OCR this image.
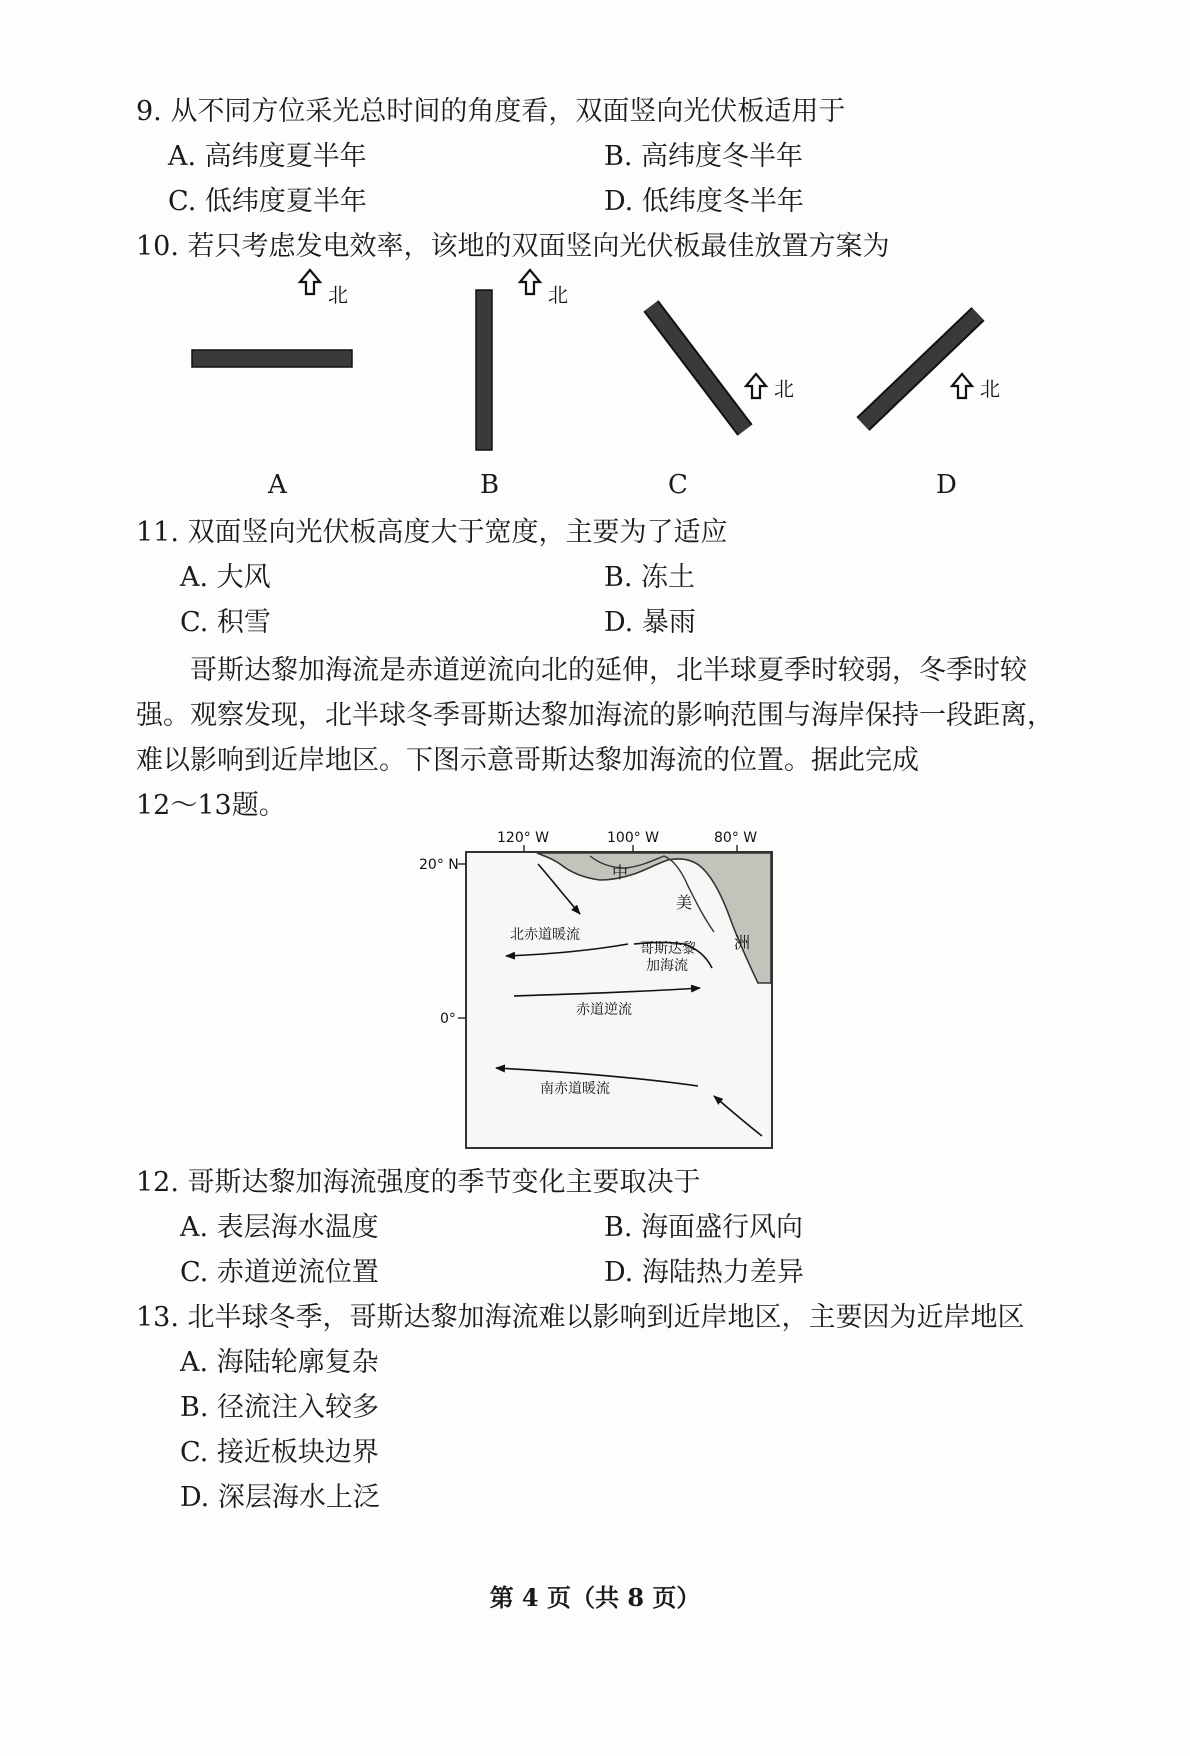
9. 从不同方位采光总时间的角度看，双面竖向光伏板适用于
A. 高纬度夏半年	B. 高纬度冬半年
C. 低纬度夏半年	D. 低纬度冬半年
10. 若只考虑发电效率，该地的双面竖向光伏板最佳放置方案为
北	北
北	北
A	B	C	D
11. 双面竖向光伏板高度大于宽度，主要为了适应
A. 大风	B. 冻土
C. 积雪	D. 暴雨

哥斯达黎加海流是赤道逆流向北的延伸，北半球夏季时较弱，冬季时较强。观察发现，北半球冬季哥斯达黎加海流的影响范围与海岸保持一段距离，难以影响到近岸地区。下图示意哥斯达黎加海流的位置。据此完成

12～13题。

120° W	100° W	80° W
20° N
0°
中
美
洲
北赤道暖流
哥斯达黎
加海流
赤道逆流
南赤道暖流
12. 哥斯达黎加海流强度的季节变化主要取决于
A. 表层海水温度	B. 海面盛行风向
C. 赤道逆流位置	D. 海陆热力差异
13. 北半球冬季，哥斯达黎加海流难以影响到近岸地区，主要因为近岸地区
A. 海陆轮廓复杂
B. 径流注入较多
C. 接近板块边界
D. 深层海水上泛
第 4 页（共 8 页）
